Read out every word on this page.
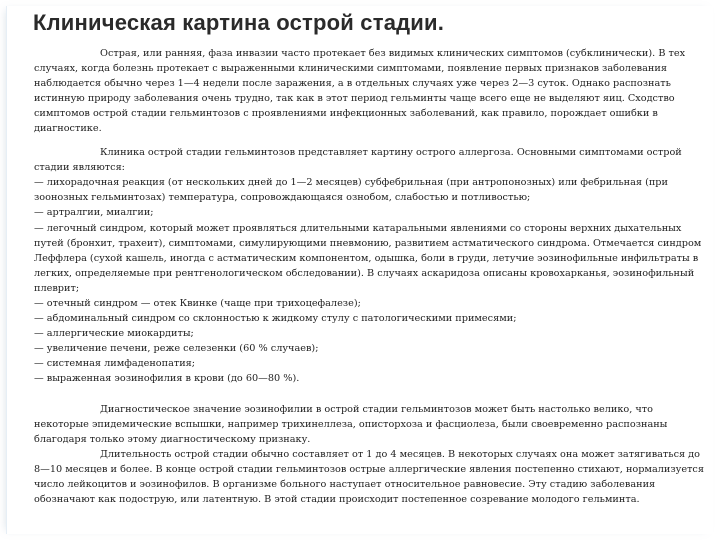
Клиническая картина острой стадии.

Острая, или ранняя, фаза инвазии часто протекает без видимых клинических симптомов (субклинически). В тех случаях, когда болезнь протекает с выраженными клиническими симптомами, появление первых признаков заболевания наблюдается обычно через 1—4 недели после заражения, а в отдельных случаях уже через 2—3 суток. Однако распознать истинную природу заболевания очень трудно, так как в этот период гельминты чаще всего еще не выделяют яиц. Сходство симптомов острой стадии гельминтозов с проявлениями инфекционных заболеваний, как правило, порождает ошибки в диагностике.

Клиника острой стадии гельминтозов представляет картину острого аллергоза. Основными симптомами острой стадии являются:

— лихорадочная реакция (от нескольких дней до 1—2 месяцев) субфебрильная (при антропонозных) или фебрильная (при зоонозных гельминтозах) температура, сопровождающаяся ознобом, слабостью и потливостью;

— артралгии, миалгии;

— легочный синдром, который может проявляться длительными катаральными явлениями со стороны верхних дыхательных путей (бронхит, трахеит), симптомами, симулирующими пневмонию, развитием астматического синдрома. Отмечается синдром Леффлера (сухой кашель, иногда с астматическим компонентом, одышка, боли в груди, летучие эозинофильные инфильтраты в легких, определяемые при рентгенологическом обследовании). В случаях аскаридоза описаны кровохарканья, эозинофильный плеврит;

— отечный синдром — отек Квинке (чаще при трихоцефалезе);

— абдоминальный синдром со склонностью к жидкому стулу с патологическими примесями;

— аллергические миокардиты;

— увеличение печени, реже селезенки (60 % случаев);

— системная лимфаденопатия;

— выраженная эозинофилия в крови (до 60—80 %).

Диагностическое значение эозинофилии в острой стадии гельминтозов может быть настолько велико, что некоторые эпидемические вспышки, например трихинеллеза, описторхоза и фасциолеза, были своевременно распознаны благодаря только этому диагностическому признаку.

Длительность острой стадии обычно составляет от 1 до 4 месяцев. В некоторых случаях она может затягиваться до 8—10 месяцев и более. В конце острой стадии гельминтозов острые аллергические явления постепенно стихают, нормализуется число лейкоцитов и эозинофилов. В организме больного наступает относительное равновесие. Эту стадию заболевания обозначают как подострую, или латентную. В этой стадии происходит постепенное созревание молодого гельминта.
